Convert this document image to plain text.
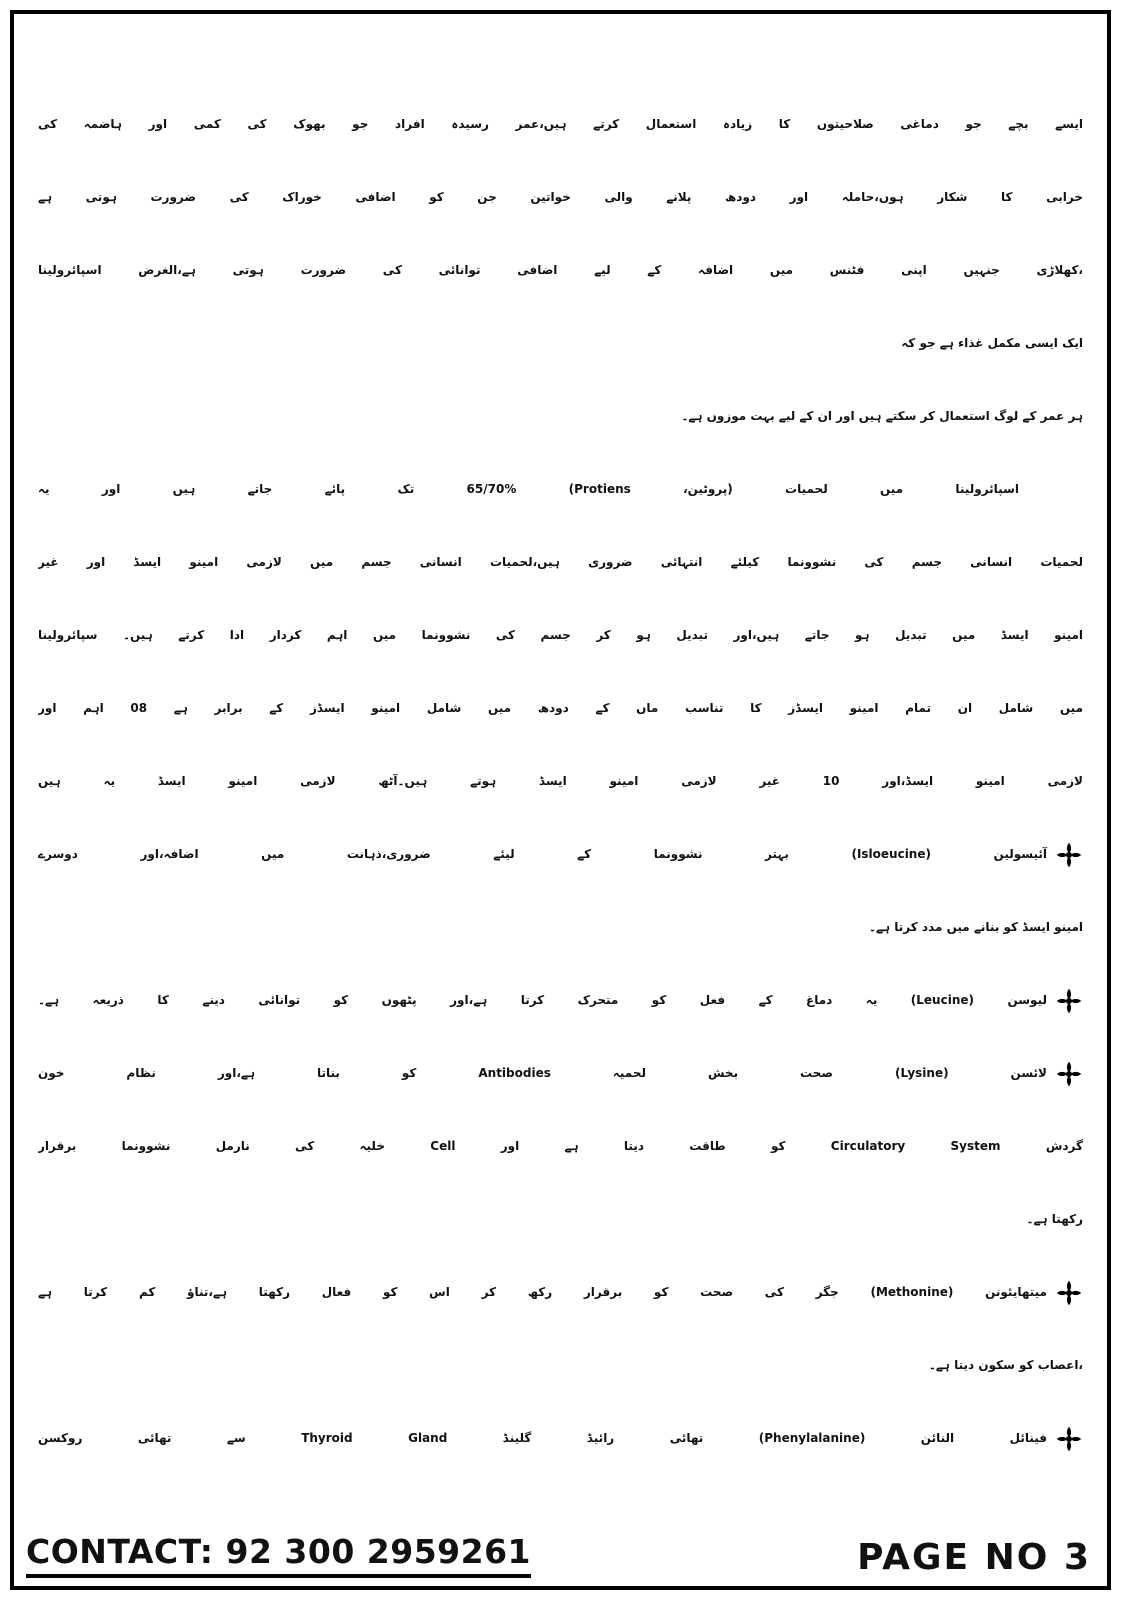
ایسے بچے جو دماغی صلاحیتوں کا زیادہ استعمال کرتے ہیں،عمر رسیدہ افراد جو بھوک کی کمی اور ہاضمہ کی
خرابی کا شکار ہوں،حاملہ اور دودھ پلانے والی خواتین جن کو اضافی خوراک کی ضرورت ہوتی ہے
،کھلاڑی جنہیں اپنی فٹنس میں اضافہ کے لیے اضافی توانائی کی ضرورت ہوتی ہے،الغرض اسپائرولینا
ایک ایسی مکمل غذاء ہے جو کہ
ہر عمر کے لوگ استعمال کر سکتے ہیں اور ان کے لیے بہت موزوں ہے۔
اسپائرولینا میں لحمیات (پروٹین، Protiens) 65/70% تک پائے جاتے ہیں اور یہ
لحمیات انسانی جسم کی نشوونما کیلئے انتہائی ضروری ہیں،لحمیات انسانی جسم میں لازمی امینو ایسڈ اور غیر
امینو ایسڈ میں تبدیل ہو جاتے ہیں،اور تبدیل ہو کر جسم کی نشوونما میں اہم کردار ادا کرتے ہیں۔ سپائرولینا
میں شامل ان تمام امینو ایسڈز کا تناسب ماں کے دودھ میں شامل امینو ایسڈز کے برابر ہے 08 اہم اور
لازمی امینو ایسڈ،اور 10 غیر لازمی امینو ایسڈ ہوتے ہیں۔آٹھ لازمی امینو ایسڈ یہ ہیں
آئیسولین (Isloeucine) بہتر نشوونما کے لیئے ضروری،ذہانت میں اضافہ،اور دوسرے
امینو ایسڈ کو بنانے میں مدد کرتا ہے۔
لیوسن (Leucine) یہ دماغ کے فعل کو متحرک کرتا ہے،اور پٹھوں کو توانائی دینے کا ذریعہ ہے۔
لائسن (Lysine) صحت بخش لحمیہ Antibodies کو بناتا ہے،اور نظام خون
گردش Circulatory System کو طاقت دیتا ہے اور Cell خلیہ کی نارمل نشوونما برقرار
رکھتا ہے۔
میتھایئونن (Methonine) جگر کی صحت کو برقرار رکھ کر اس کو فعال رکھتا ہے،تناؤ کم کرتا ہے
،اعصاب کو سکون دیتا ہے۔
فینائل النائن (Phenylalanine) تھائی رائیڈ گلینڈ Thyroid Gland سے تھائی روکسن
CONTACT: 92 300 2959261	PAGE NO 3
